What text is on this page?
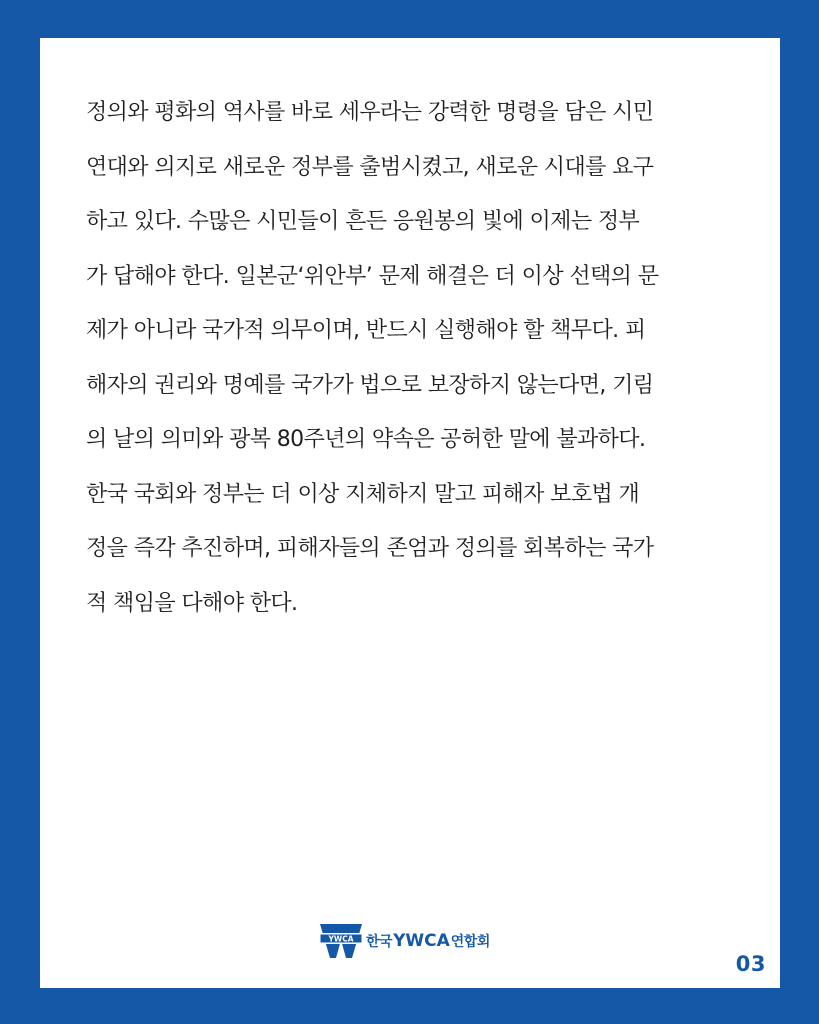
정의와 평화의 역사를 바로 세우라는 강력한 명령을 담은 시민
연대와 의지로 새로운 정부를 출범시켰고, 새로운 시대를 요구
하고 있다. 수많은 시민들이 흔든 응원봉의 빛에 이제는 정부
가 답해야 한다. 일본군‘위안부’ 문제 해결은 더 이상 선택의 문
제가 아니라 국가적 의무이며, 반드시 실행해야 할 책무다. 피
해자의 권리와 명예를 국가가 법으로 보장하지 않는다면, 기림
의 날의 의미와 광복 80주년의 약속은 공허한 말에 불과하다.
한국 국회와 정부는 더 이상 지체하지 말고 피해자 보호법 개
정을 즉각 추진하며, 피해자들의 존엄과 정의를 회복하는 국가
적 책임을 다해야 한다.
YWCA 한국 YWCA 연합회
03
